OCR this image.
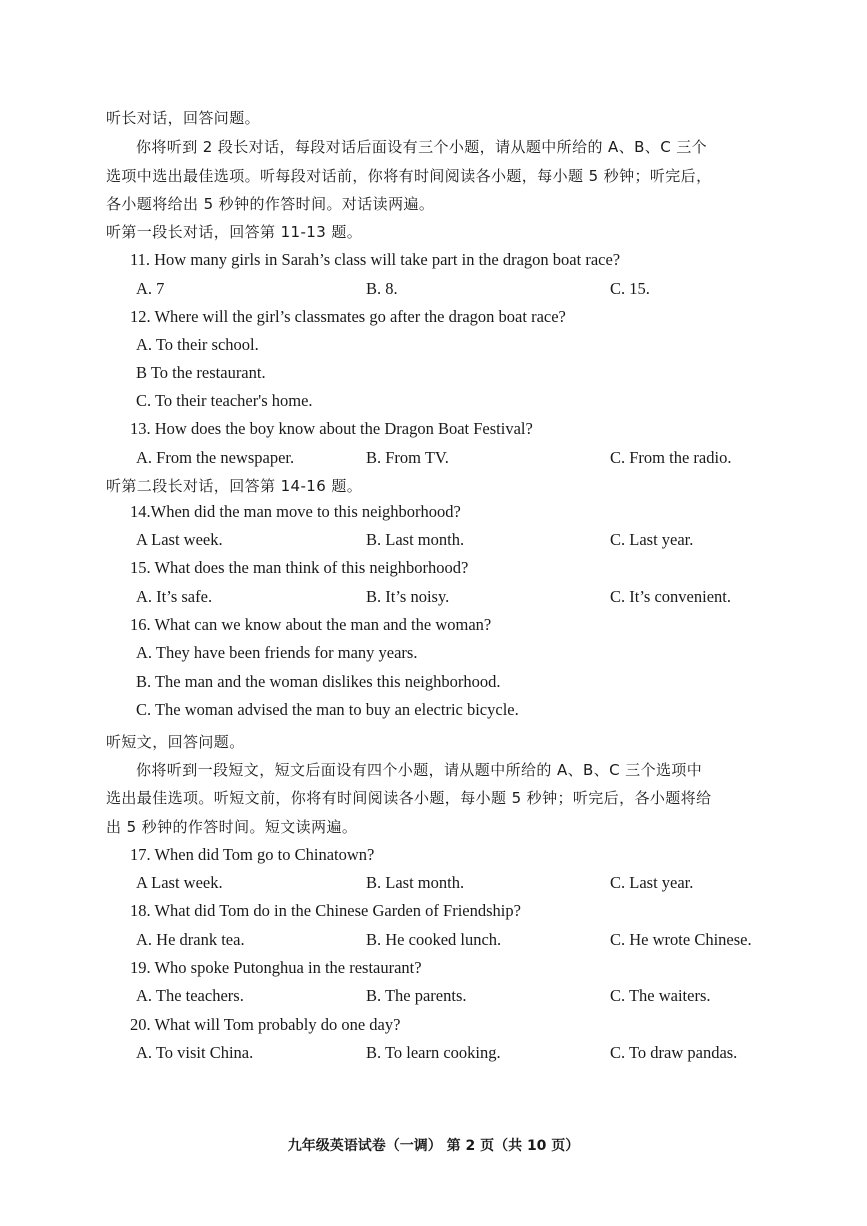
听长对话，回答问题。
你将听到 2 段长对话，每段对话后面设有三个小题，请从题中所给的 A、B、C 三个
选项中选出最佳选项。听每段对话前，你将有时间阅读各小题，每小题 5 秒钟；听完后，
各小题将给出 5 秒钟的作答时间。对话读两遍。
听第一段长对话，回答第 11-13 题。
11. How many girls in Sarah’s class will take part in the dragon boat race?
A. 7	B. 8.	C. 15.
12. Where will the girl’s classmates go after the dragon boat race?
A. To their school.
B To the restaurant.
C. To their teacher's home.
13. How does the boy know about the Dragon Boat Festival?
A. From the newspaper.	B. From TV.	C. From the radio.
听第二段长对话，回答第 14-16 题。
14.When did the man move to this neighborhood?
A Last week.	B. Last month.	C. Last year.
15. What does the man think of this neighborhood?
A. It’s safe.	B. It’s noisy.	C. It’s convenient.
16. What can we know about the man and the woman?
A. They have been friends for many years.
B. The man and the woman dislikes this neighborhood.
C. The woman advised the man to buy an electric bicycle.
听短文，回答问题。
你将听到一段短文，短文后面设有四个小题，请从题中所给的 A、B、C 三个选项中
选出最佳选项。听短文前，你将有时间阅读各小题，每小题 5 秒钟；听完后，各小题将给
出 5 秒钟的作答时间。短文读两遍。
17. When did Tom go to Chinatown?
A Last week.	B. Last month.	C. Last year.
18. What did Tom do in the Chinese Garden of Friendship?
A. He drank tea.	B. He cooked lunch.	C. He wrote Chinese.
19. Who spoke Putonghua in the restaurant?
A. The teachers.	B. The parents.	C. The waiters.
20. What will Tom probably do one day?
A. To visit China.	B. To learn cooking.	C. To draw pandas.
九年级英语试卷（一调） 第 2 页（共 10 页）
